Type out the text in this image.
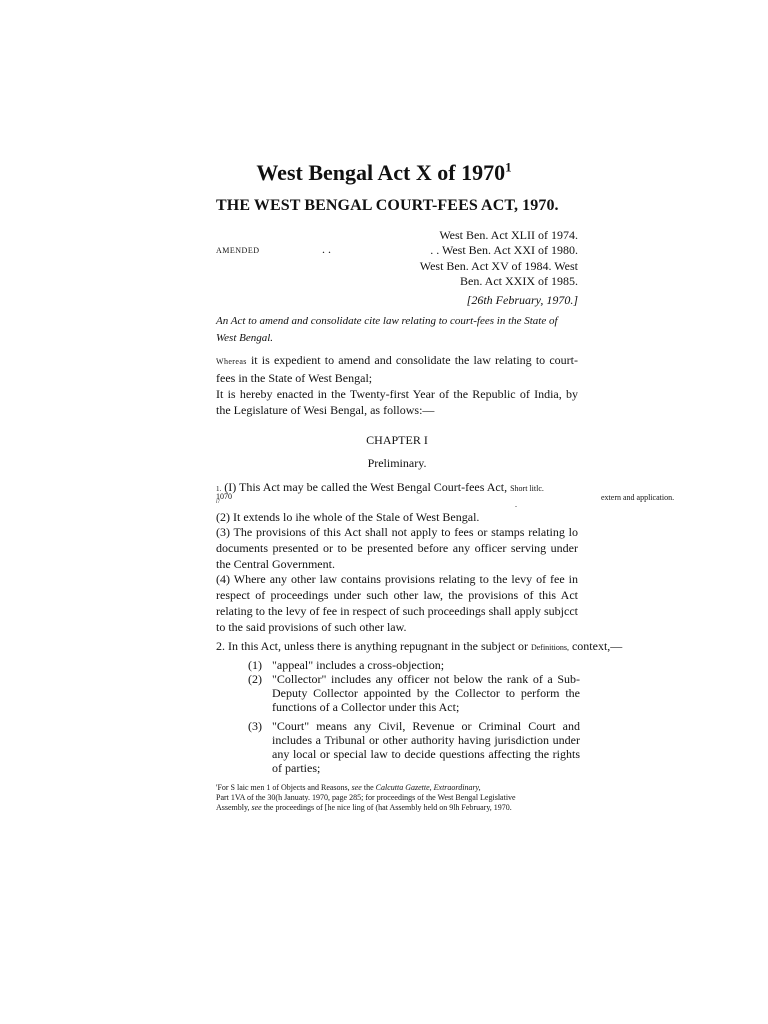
West Bengal Act X of 1970$^1$
THE WEST BENGAL COURT-FEES ACT, 1970.
West Ben. Act XLII of 1974.
AMENDED	. .	. . West Ben. Act XXI of 1980.
West Ben. Act XV of 1984. West
Ben. Act XXIX of 1985.
[26th February, 1970.]
An Act to amend and consolidate cite law relating to court-fees in the State of West Bengal.
Whereas it is expedient to amend and consolidate the law relating to court-fees in the State of West Bengal;
It is hereby enacted in the Twenty-first Year of the Republic of India, by the Legislature of Wesi Bengal, as follows:—
CHAPTER I
Preliminary.
1. (I) This Act may be called the West Bengal Court-fees Act, Short litlc.
1070
i7	.
extern and application.
(2) It extends lo ihe whole of the Stale of West Bengal.
(3) The provisions of this Act shall not apply to fees or stamps relating lo documents presented or to be presented before any officer serving under the Central Government.
(4) Where any other law contains provisions relating to the levy of fee in respect of proceedings under such other law, the provisions of this Act relating to the levy of fee in respect of such proceedings shall apply subjcct to the said provisions of such other law.
2. In this Act, unless there is anything repugnant in the subject or Definitions, context,—
(1) "appeal" includes a cross-objection;
(2) "Collector" includes any officer not below the rank of a Sub-Deputy Collector appointed by the Collector to perform the functions of a Collector under this Act;
(3) "Court" means any Civil, Revenue or Criminal Court and includes a Tribunal or other authority having jurisdiction under any local or special law to decide questions affecting the rights of parties;
'For S laic men 1 of Objects and Reasons, see the Calcutta Gazette, Extraordinary,
Part 1VA of the 30(h Januaty. 1970, page 285; for proceedings of the West Bengal Legislative
Assembly, see the proceedings of [he nice ling of (hat Assembly held on 9lh February, 1970.
